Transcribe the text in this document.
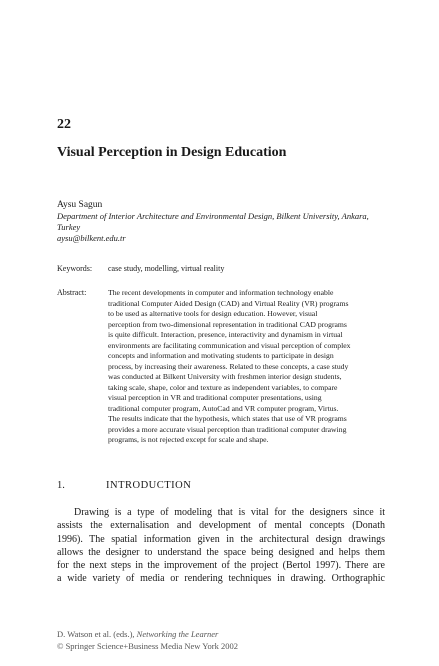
22
Visual Perception in Design Education
Aysu Sagun
Department of Interior Architecture and Environmental Design, Bilkent University, Ankara,
Turkey
aysu@bilkent.edu.tr
Keywords: case study, modelling, virtual reality
Abstract:	The recent developments in computer and information technology enable
traditional Computer Aided Design (CAD) and Virtual Reality (VR) programs
to be used as alternative tools for design education. However, visual
perception from two-dimensional representation in traditional CAD programs
is quite difficult. Interaction, presence, interactivity and dynamism in virtual
environments are facilitating communication and visual perception of complex
concepts and information and motivating students to participate in design
process, by increasing their awareness. Related to these concepts, a case study
was conducted at Bilkent University with freshmen interior design students,
taking scale, shape, color and texture as independent variables, to compare
visual perception in VR and traditional computer presentations, using
traditional computer program, AutoCad and VR computer program, Virtus.
The results indicate that the hypothesis, which states that use of VR programs
provides a more accurate visual perception than traditional computer drawing
programs, is not rejected except for scale and shape.
1.	INTRODUCTION
Drawing is a type of modeling that is vital for the designers since it
assists the externalisation and development of mental concepts (Donath
1996). The spatial information given in the architectural design drawings
allows the designer to understand the space being designed and helps them
for the next steps in the improvement of the project (Bertol 1997). There are
a wide variety of media or rendering techniques in drawing. Orthographic
D. Watson et al. (eds.), Networking the Learner
© Springer Science+Business Media New York 2002
